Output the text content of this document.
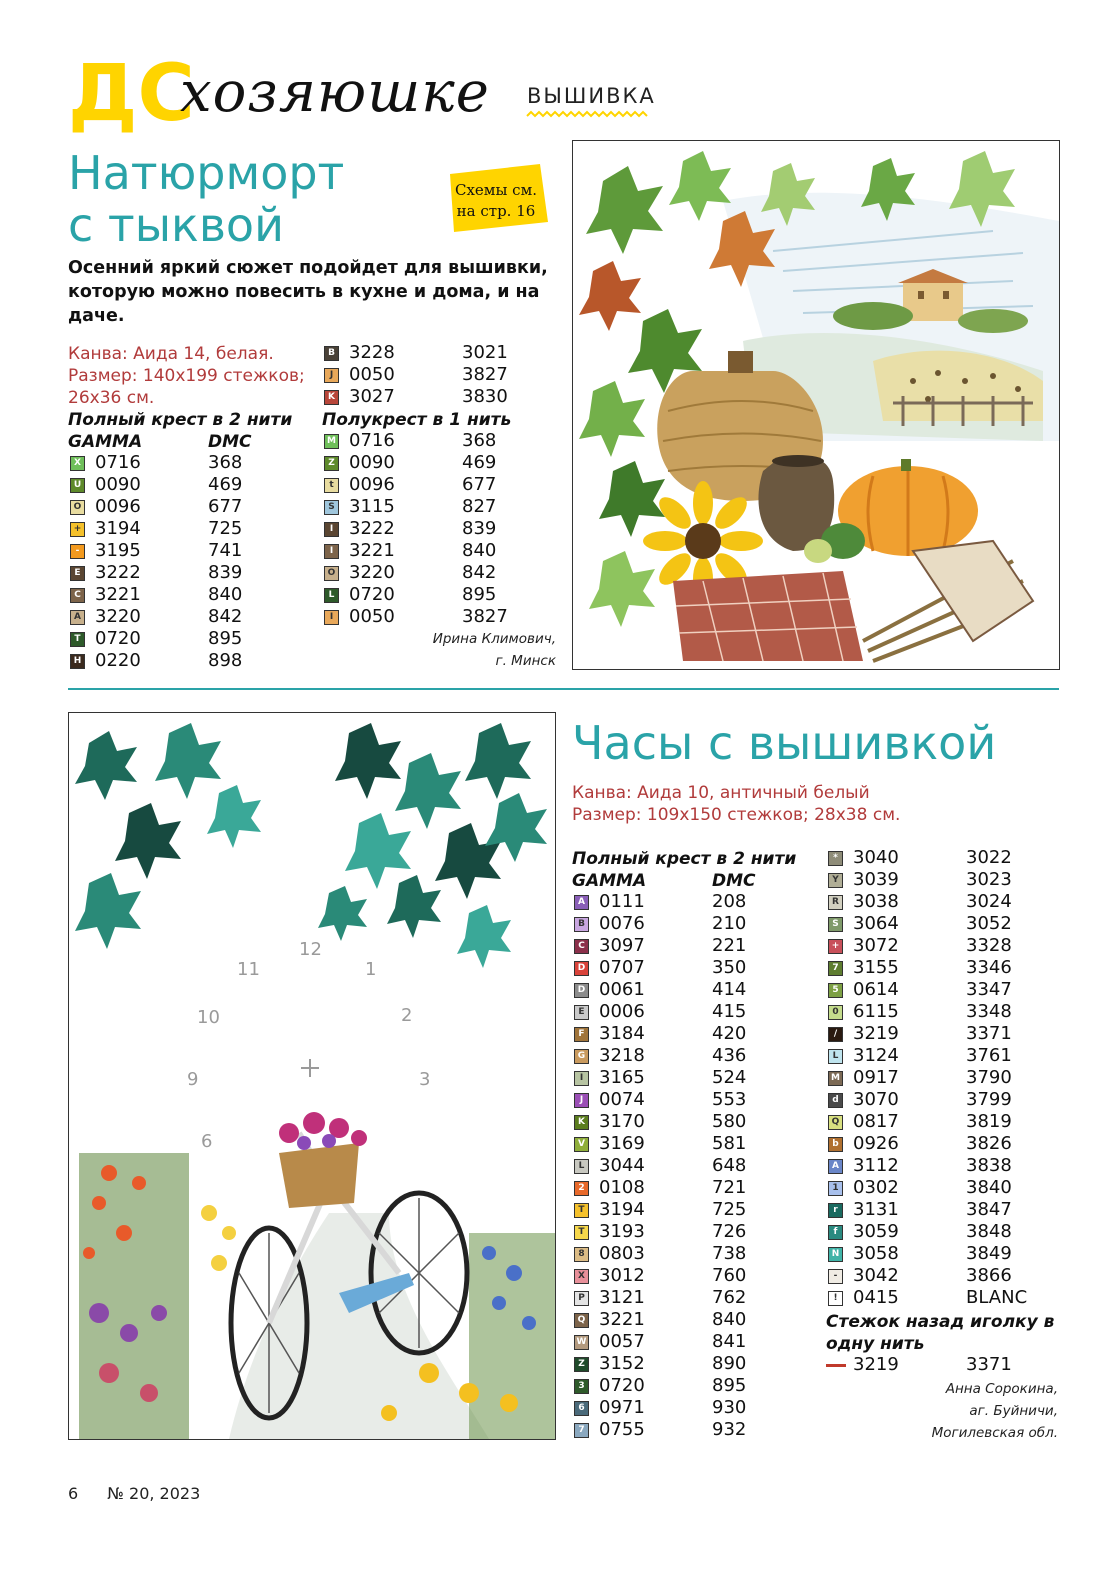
ДС
хозяюшке ВЫШИВКА
Натюрморт
с тыквой
Схемы см. на стр. 16
Осенний яркий сюжет подойдет для вышивки, которую можно повесить в кухне и дома, и на даче.
Канва: Аида 14, белая.
Размер: 140х199 стежков; 26х36 см.
Полный крест в 2 нити
GAMMA	DMC
X 0716	368
U 0090	469
O 0096	677
+ 3194	725
- 3195	741
E 3222	839
C 3221	840
A 3220	842
T 0720	895
H 0220	898
B 3228	3021
J 0050	3827
K 3027	3830
Полукрест в 1 нить
M 0716	368
Z 0090	469
t 0096	677
S 3115	827
I 3222	839
I 3221	840
O 3220	842
L 0720	895
I 0050	3827
Ирина Климович,
г. Минск
12
1
2
3
6
9
10
11
Часы с вышивкой
Канва: Аида 10, античный белый
Размер: 109х150 стежков; 28х38 см.
Полный крест в 2 нити
GAMMA	DMC
A 0111	208
B 0076	210
C 3097	221
D 0707	350
D 0061	414
E 0006	415
F 3184	420
G 3218	436
I 3165	524
J 0074	553
K 3170	580
V 3169	581
L 3044	648
2 0108	721
T 3194	725
T 3193	726
8 0803	738
X 3012	760
P 3121	762
Q 3221	840
W 0057	841
Z 3152	890
3 0720	895
6 0971	930
7 0755	932
* 3040	3022
Y 3039	3023
R 3038	3024
S 3064	3052
+ 3072	3328
7 3155	3346
5 0614	3347
0 6115	3348
/ 3219	3371
L 3124	3761
M 0917	3790
d 3070	3799
Q 0817	3819
b 0926	3826
A 3112	3838
1 0302	3840
r 3131	3847
f 3059	3848
N 3058	3849
- 3042	3866
! 0415	BLANC
Стежок назад иголку в одну нить
3219	3371
Анна Сорокина,
аг. Буйничи,
Могилевская обл.
6 № 20, 2023
